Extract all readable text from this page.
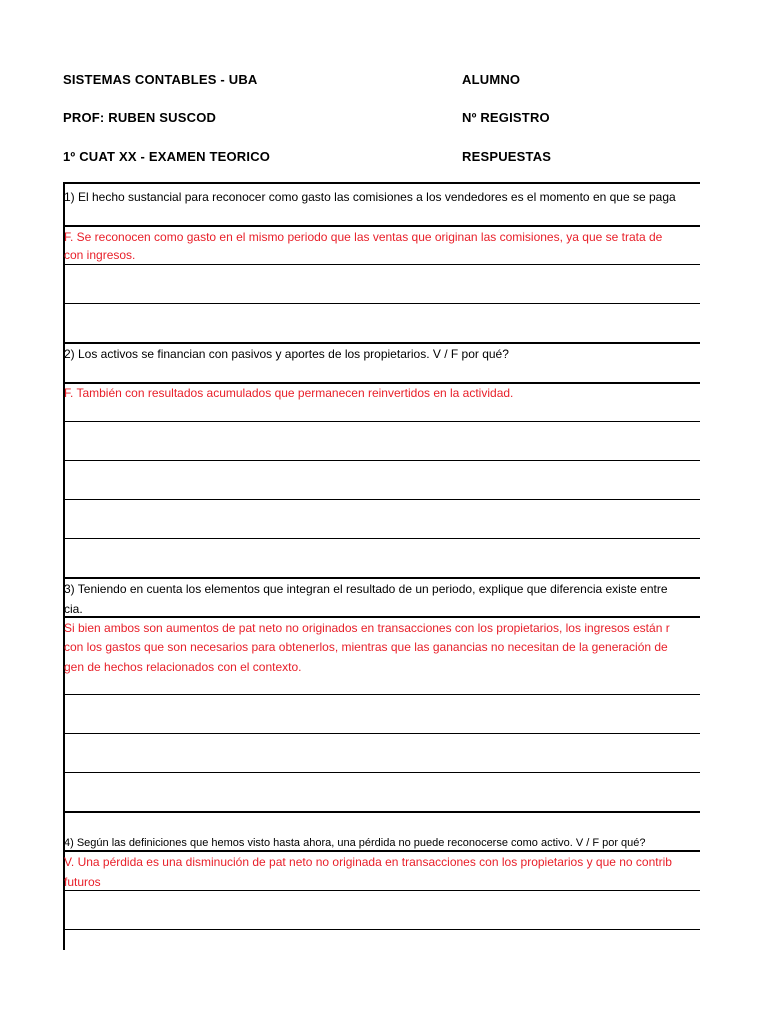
SISTEMAS CONTABLES - UBA
PROF: RUBEN SUSCOD
1º CUAT XX - EXAMEN TEORICO
ALUMNO
Nº REGISTRO
RESPUESTAS
1) El hecho sustancial para reconocer como gasto las comisiones a los vendedores es el momento en que se paga
F. Se reconocen como gasto en el mismo periodo que las ventas que originan las comisiones, ya que se trata de
con ingresos.
2) Los activos se financian con pasivos y aportes de los propietarios. V / F por qué?
F. También con resultados acumulados que permanecen reinvertidos en la actividad.
3) Teniendo en cuenta los elementos que integran el resultado de un periodo, explique que diferencia existe entre
cia.
Si bien ambos son aumentos de pat neto no originados en transacciones con los propietarios, los ingresos están r
con los gastos que son necesarios para obtenerlos, mientras que las ganancias no necesitan de la generación de
gen de hechos relacionados con el contexto.
4) Según las definiciones que hemos visto hasta ahora, una pérdida no puede reconocerse como activo. V / F por qué?
V. Una pérdida es una disminución de pat neto no originada en transacciones con los propietarios y que no contrib
futuros
